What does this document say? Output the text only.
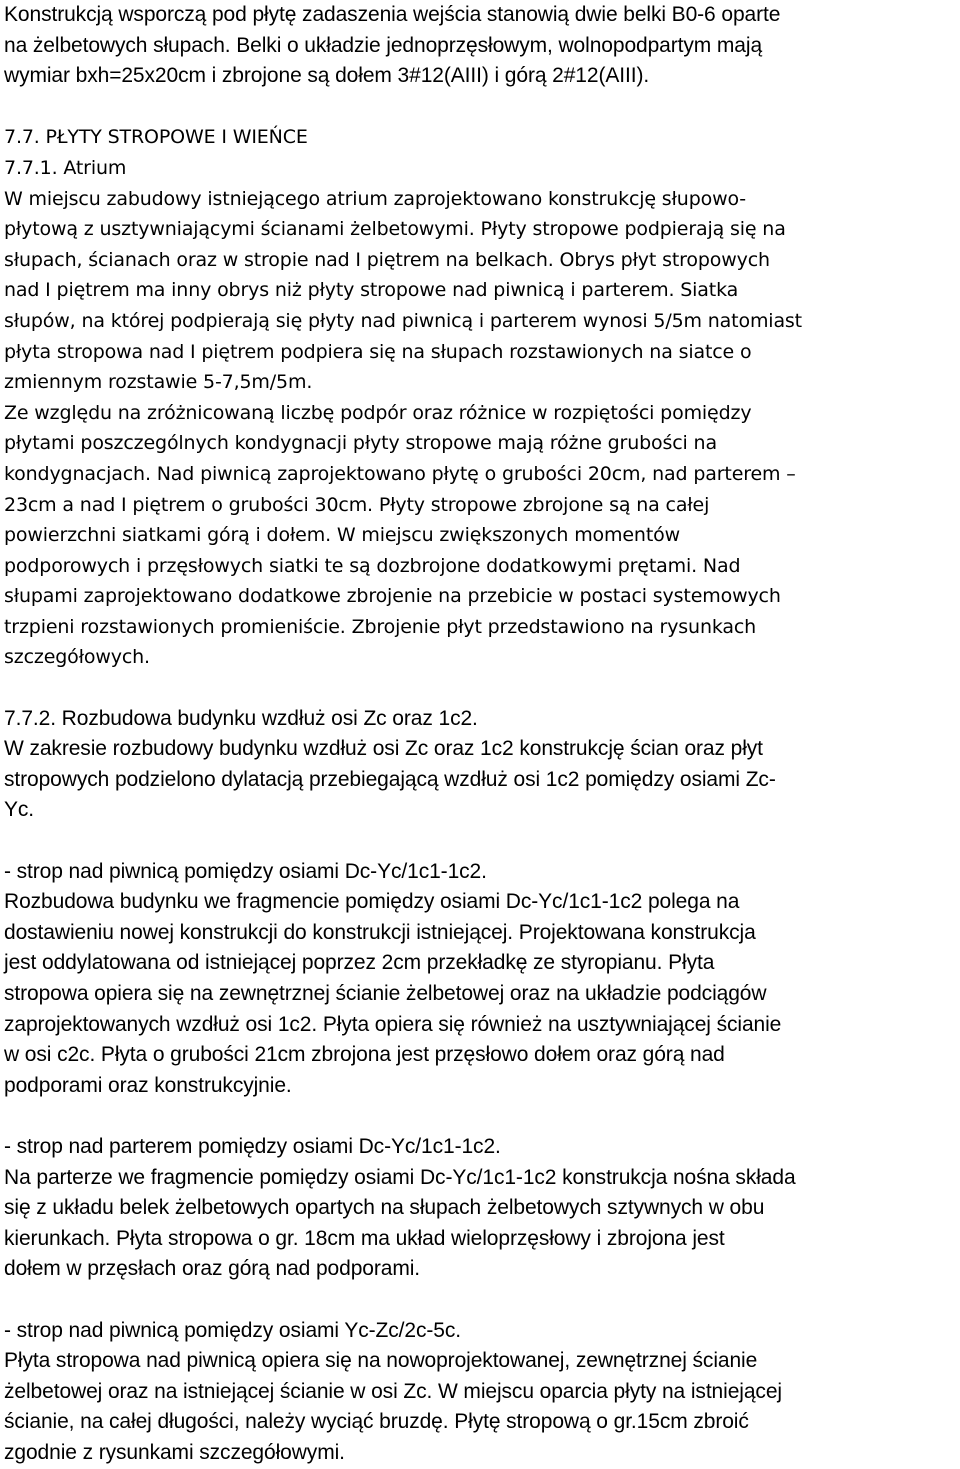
Konstrukcją wsporczą pod płytę zadaszenia wejścia stanowią dwie belki B0-6 oparte
na żelbetowych słupach. Belki o układzie jednoprzęsłowym, wolnopodpartym mają
wymiar bxh=25x20cm i zbrojone są dołem 3#12(AIII) i górą 2#12(AIII).
7.7. PŁYTY STROPOWE I WIEŃCE
7.7.1. Atrium
W miejscu zabudowy istniejącego atrium zaprojektowano konstrukcję słupowo-
płytową z usztywniającymi ścianami żelbetowymi. Płyty stropowe podpierają się na
słupach, ścianach oraz w stropie nad I piętrem na belkach. Obrys płyt stropowych
nad I piętrem ma inny obrys niż płyty stropowe nad piwnicą i parterem. Siatka
słupów, na której podpierają się płyty nad piwnicą i parterem wynosi 5/5m natomiast
płyta stropowa nad I piętrem podpiera się na słupach rozstawionych na siatce o
zmiennym rozstawie 5-7,5m/5m.
Ze względu na zróżnicowaną liczbę podpór oraz różnice w rozpiętości pomiędzy
płytami poszczególnych kondygnacji płyty stropowe mają różne grubości na
kondygnacjach. Nad piwnicą zaprojektowano płytę o grubości 20cm, nad parterem –
23cm a nad I piętrem o grubości 30cm. Płyty stropowe zbrojone są na całej
powierzchni siatkami górą i dołem. W miejscu zwiększonych momentów
podporowych i przęsłowych siatki te są dozbrojone dodatkowymi prętami. Nad
słupami zaprojektowano dodatkowe zbrojenie na przebicie w postaci systemowych
trzpieni rozstawionych promieniście. Zbrojenie płyt przedstawiono na rysunkach
szczegółowych.
7.7.2. Rozbudowa budynku wzdłuż osi Zc oraz 1c2.
W zakresie rozbudowy budynku wzdłuż osi Zc oraz 1c2 konstrukcję ścian oraz płyt
stropowych podzielono dylatacją przebiegającą wzdłuż osi 1c2 pomiędzy osiami Zc-
Yc.
- strop nad piwnicą pomiędzy osiami Dc-Yc/1c1-1c2.
Rozbudowa budynku we fragmencie pomiędzy osiami Dc-Yc/1c1-1c2 polega na
dostawieniu nowej konstrukcji do konstrukcji istniejącej. Projektowana konstrukcja
jest oddylatowana od istniejącej poprzez 2cm przekładkę ze styropianu. Płyta
stropowa opiera się na zewnętrznej ścianie żelbetowej oraz na układzie podciągów
zaprojektowanych wzdłuż osi 1c2. Płyta opiera się również na usztywniającej ścianie
w osi c2c. Płyta o grubości 21cm zbrojona jest przęsłowo dołem oraz górą nad
podporami oraz konstrukcyjnie.
- strop nad parterem pomiędzy osiami Dc-Yc/1c1-1c2.
Na parterze we fragmencie pomiędzy osiami Dc-Yc/1c1-1c2 konstrukcja nośna składa
się z układu belek żelbetowych opartych na słupach żelbetowych sztywnych w obu
kierunkach. Płyta stropowa o gr. 18cm ma układ wieloprzęsłowy i zbrojona jest
dołem w przęsłach oraz górą nad podporami.
- strop nad piwnicą pomiędzy osiami Yc-Zc/2c-5c.
Płyta stropowa nad piwnicą opiera się na nowoprojektowanej, zewnętrznej ścianie
żelbetowej oraz na istniejącej ścianie w osi Zc. W miejscu oparcia płyty na istniejącej
ścianie, na całej długości, należy wyciąć bruzdę. Płytę stropową o gr.15cm zbroić
zgodnie z rysunkami szczegółowymi.
